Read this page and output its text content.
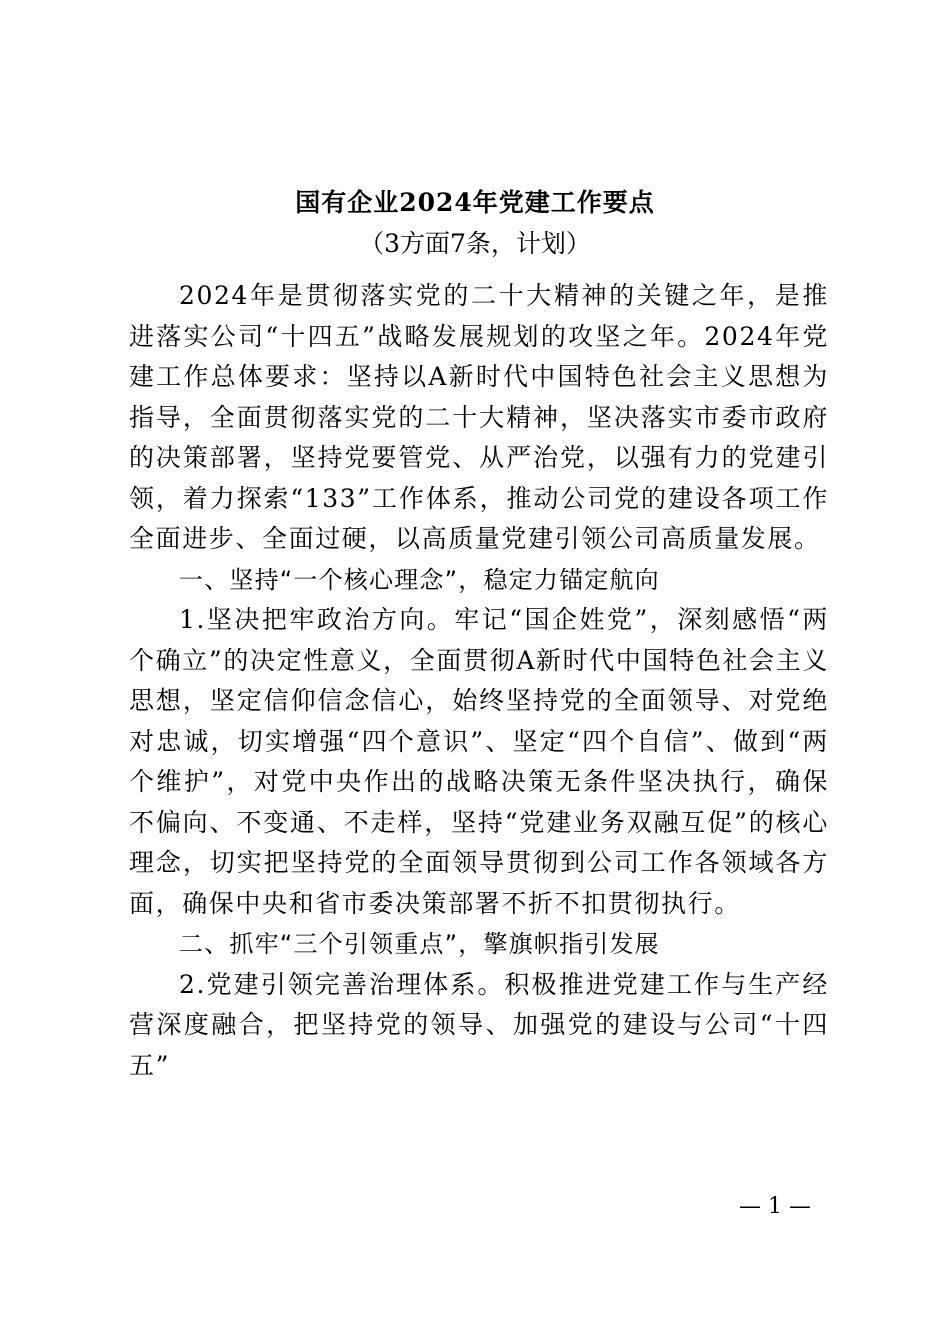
国有企业2024年党建工作要点
（3方面7条，计划）

2024年是贯彻落实党的二十大精神的关键之年，是推进落实公司“十四五”战略发展规划的攻坚之年。2024年党建工作总体要求：坚持以A新时代中国特色社会主义思想为指导，全面贯彻落实党的二十大精神，坚决落实市委市政府的决策部署，坚持党要管党、从严治党，以强有力的党建引领，着力探索“133”工作体系，推动公司党的建设各项工作全面进步、全面过硬，以高质量党建引领公司高质量发展。

一、坚持“一个核心理念”，稳定力锚定航向

1.坚决把牢政治方向。牢记“国企姓党”，深刻感悟“两个确立”的决定性意义，全面贯彻A新时代中国特色社会主义思想，坚定信仰信念信心，始终坚持党的全面领导、对党绝对忠诚，切实增强“四个意识”、坚定“四个自信”、做到“两个维护”，对党中央作出的战略决策无条件坚决执行，确保不偏向、不变通、不走样，坚持“党建业务双融互促”的核心理念，切实把坚持党的全面领导贯彻到公司工作各领域各方面，确保中央和省市委决策部署不折不扣贯彻执行。

二、抓牢“三个引领重点”，擎旗帜指引发展

2.党建引领完善治理体系。积极推进党建工作与生产经营深度融合，把坚持党的领导、加强党的建设与公司“十四五”

— 1 —
